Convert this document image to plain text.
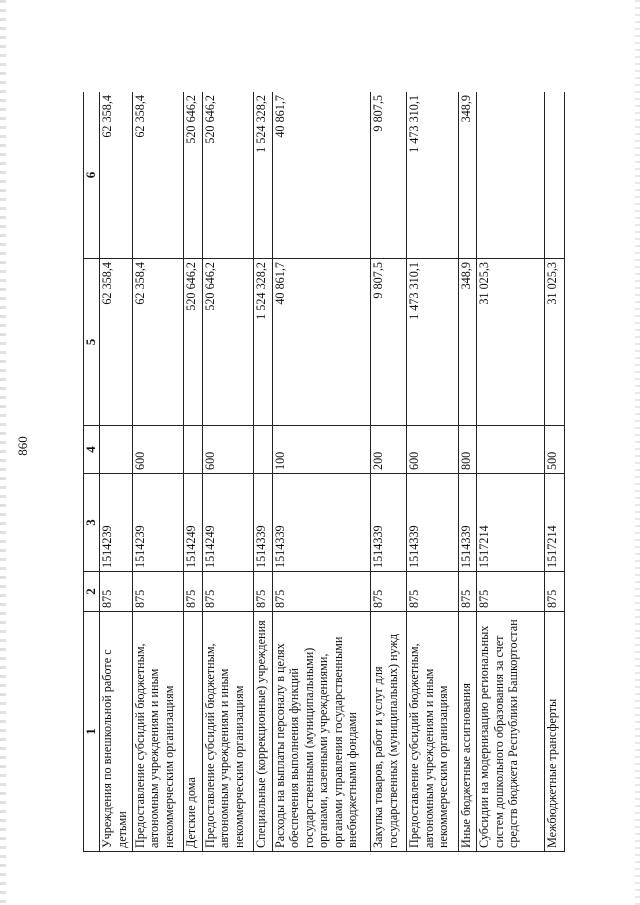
860
1	2	3	4	5	6
Учреждения по внешкольной работе с детьми	875	1514239		62 358,4	62 358,4
Предоставление субсидий бюджетным, автономным учреждениям и иным некоммерческим организациям	875	1514239	600	62 358,4	62 358,4
Детские дома	875	1514249		520 646,2	520 646,2
Предоставление субсидий бюджетным, автономным учреждениям и иным некоммерческим организациям	875	1514249	600	520 646,2	520 646,2
Специальные (коррекционные) учреждения	875	1514339		1 524 328,2	1 524 328,2
Расходы на выплаты персоналу в целях обеспечения выполнения функций государственными (муниципальными) органами, казенными учреждениями, органами управления государственными внебюджетными фондами	875	1514339	100	40 861,7	40 861,7
Закупка товаров, работ и услуг для государственных (муниципальных) нужд	875	1514339	200	9 807,5	9 807,5
Предоставление субсидий бюджетным, автономным учреждениям и иным некоммерческим организациям	875	1514339	600	1 473 310,1	1 473 310,1
Иные бюджетные ассигнования	875	1514339	800	348,9	348,9
Субсидии на модернизацию региональных систем дошкольного образования за счет средств бюджета Республики Башкортостан	875	1517214		31 025,3	
Межбюджетные трансферты	875	1517214	500	31 025,3	
